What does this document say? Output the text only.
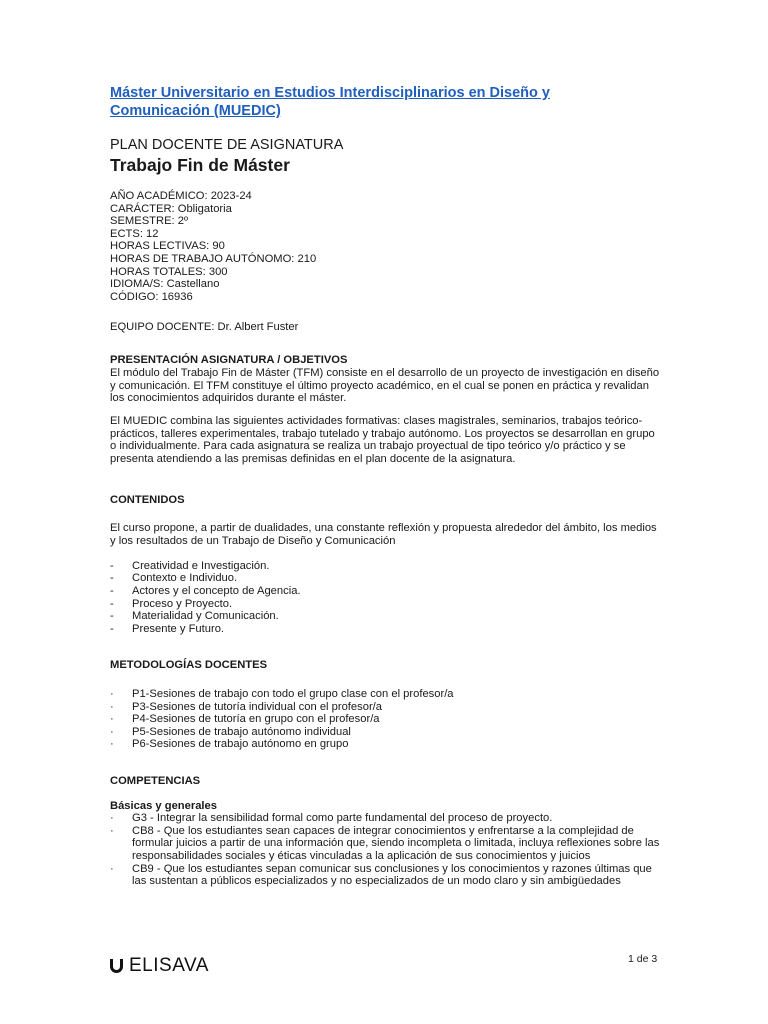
Máster Universitario en Estudios Interdisciplinarios en Diseño y Comunicación (MUEDIC)
PLAN DOCENTE DE ASIGNATURA
Trabajo Fin de Máster
AÑO ACADÉMICO: 2023-24
CARÁCTER: Obligatoria
SEMESTRE: 2º
ECTS: 12
HORAS LECTIVAS: 90
HORAS DE TRABAJO AUTÓNOMO: 210
HORAS TOTALES: 300
IDIOMA/S: Castellano
CÓDIGO: 16936
EQUIPO DOCENTE: Dr. Albert Fuster
PRESENTACIÓN ASIGNATURA / OBJETIVOS
El módulo del Trabajo Fin de Máster (TFM) consiste en el desarrollo de un proyecto de investigación en diseño y comunicación. El TFM constituye el último proyecto académico, en el cual se ponen en práctica y revalidan los conocimientos adquiridos durante el máster.
El MUEDIC combina las siguientes actividades formativas: clases magistrales, seminarios, trabajos teórico-prácticos, talleres experimentales, trabajo tutelado y trabajo autónomo. Los proyectos se desarrollan en grupo o individualmente. Para cada asignatura se realiza un trabajo proyectual de tipo teórico y/o práctico y se presenta atendiendo a las premisas definidas en el plan docente de la asignatura.
CONTENIDOS
El curso propone, a partir de dualidades, una constante reflexión y propuesta alrededor del ámbito, los medios y los resultados de un Trabajo de Diseño y Comunicación
- Creatividad e Investigación.
- Contexto e Individuo.
- Actores y el concepto de Agencia.
- Proceso y Proyecto.
- Materialidad y Comunicación.
- Presente y Futuro.
METODOLOGÍAS DOCENTES
· P1-Sesiones de trabajo con todo el grupo clase con el profesor/a
· P3-Sesiones de tutoría individual con el profesor/a
· P4-Sesiones de tutoría en grupo con el profesor/a
· P5-Sesiones de trabajo autónomo individual
· P6-Sesiones de trabajo autónomo en grupo
COMPETENCIAS
Básicas y generales
· G3 - Integrar la sensibilidad formal como parte fundamental del proceso de proyecto.
· CB8 - Que los estudiantes sean capaces de integrar conocimientos y enfrentarse a la complejidad de formular juicios a partir de una información que, siendo incompleta o limitada, incluya reflexiones sobre las responsabilidades sociales y éticas vinculadas a la aplicación de sus conocimientos y juicios
· CB9 - Que los estudiantes sepan comunicar sus conclusiones y los conocimientos y razones últimas que las sustentan a públicos especializados y no especializados de un modo claro y sin ambigüedades
ELISAVA	1 de 3
